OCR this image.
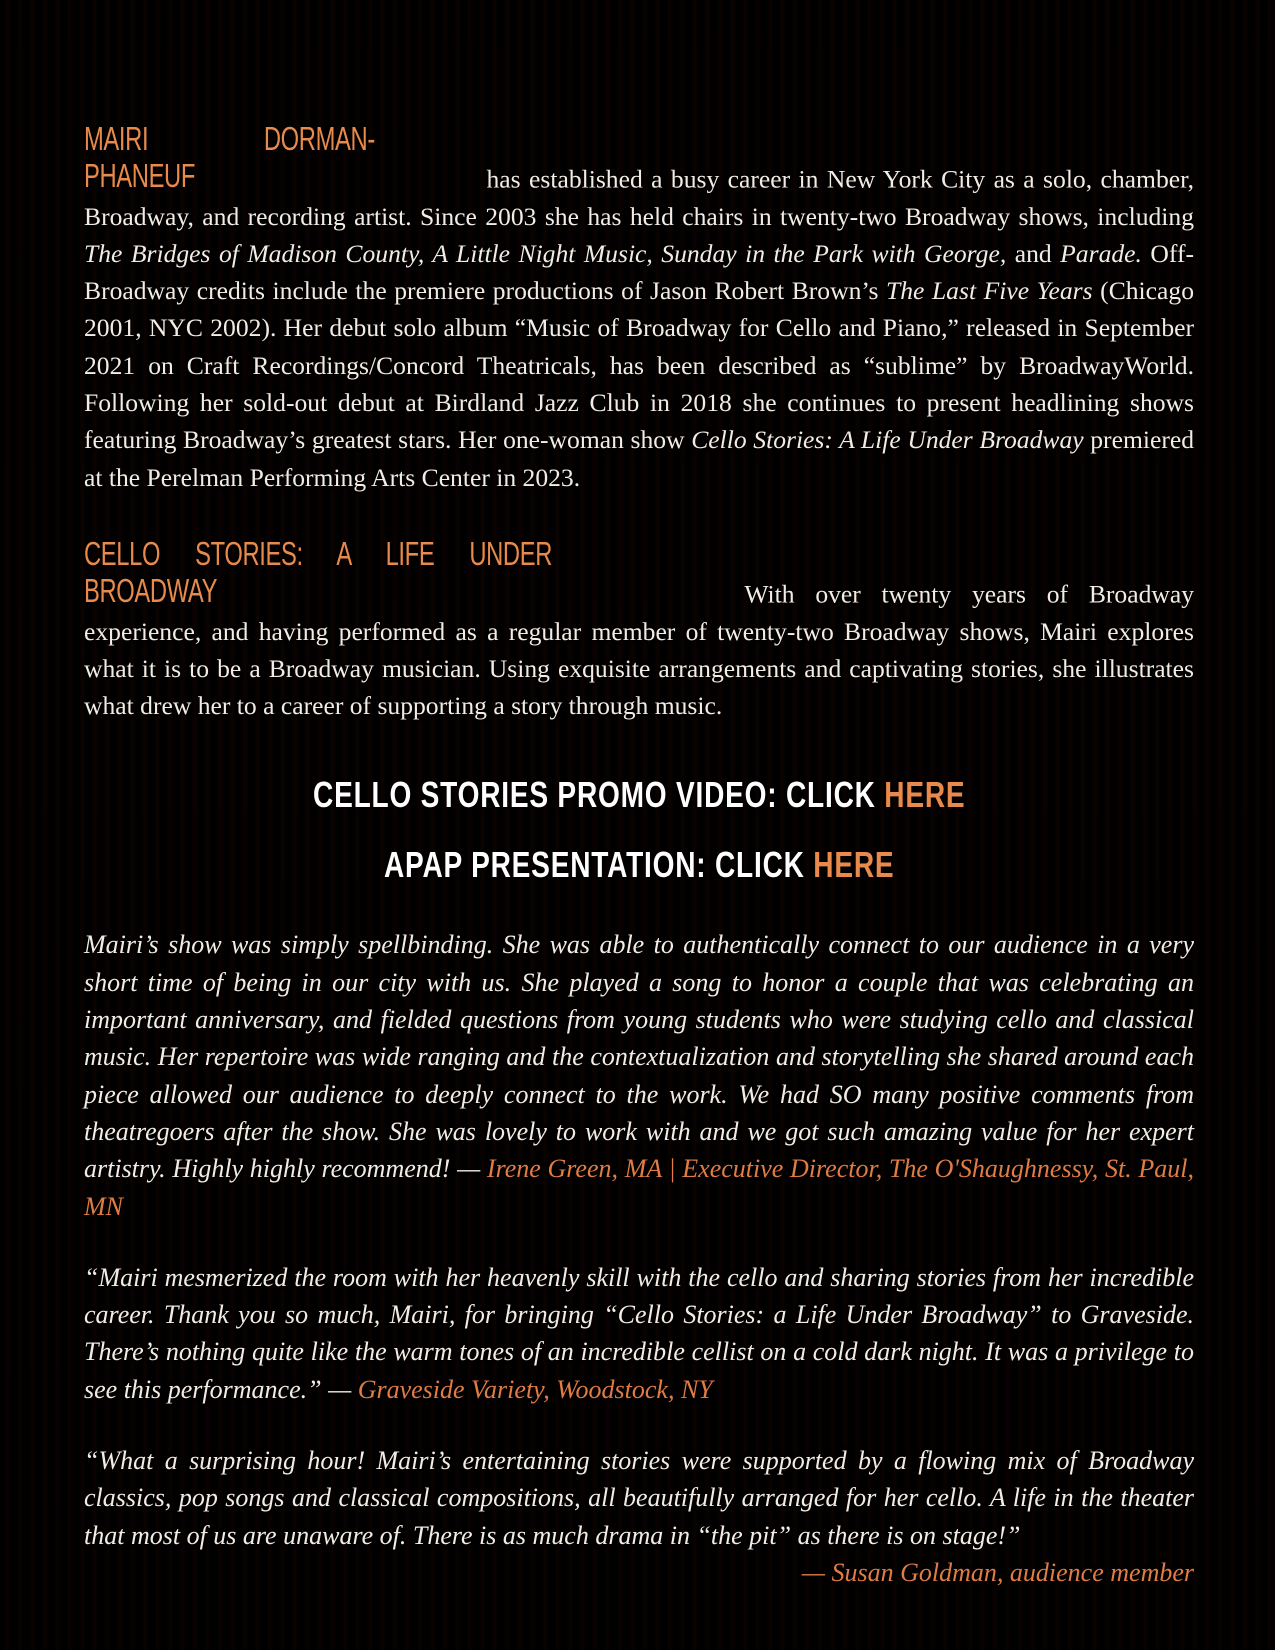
MAIRI DORMAN-PHANEUF	has established a busy career in New York City as a solo, chamber, Broadway, and recording artist. Since 2003 she has held chairs in twenty-two Broadway shows, including The Bridges of Madison County, A Little Night Music, Sunday in the Park with George, and Parade. Off-Broadway credits include the premiere productions of Jason Robert Brown’s The Last Five Years (Chicago 2001, NYC 2002). Her debut solo album “Music of Broadway for Cello and Piano,” released in September 2021 on Craft Recordings/Concord Theatricals, has been described as “sublime” by BroadwayWorld. Following her sold-out debut at Birdland Jazz Club in 2018 she continues to present headlining shows featuring Broadway’s greatest stars. Her one-woman show Cello Stories: A Life Under Broadway premiered at the Perelman Performing Arts Center in 2023.

CELLO STORIES: A LIFE UNDER BROADWAY	With over twenty years of Broadway experience, and having performed as a regular member of twenty-two Broadway shows, Mairi explores what it is to be a Broadway musician. Using exquisite arrangements and captivating stories, she illustrates what drew her to a career of supporting a story through music.

CELLO STORIES PROMO VIDEO: CLICK HERE

APAP PRESENTATION: CLICK HERE

Mairi’s show was simply spellbinding. She was able to authentically connect to our audience in a very short time of being in our city with us. She played a song to honor a couple that was celebrating an important anniversary, and fielded questions from young students who were studying cello and classical music. Her repertoire was wide ranging and the contextualization and storytelling she shared around each piece allowed our audience to deeply connect to the work. We had SO many positive comments from theatregoers after the show. She was lovely to work with and we got such amazing value for her expert artistry. Highly highly recommend! — Irene Green, MA | Executive Director, The O'Shaughnessy, St. Paul, MN

“Mairi mesmerized the room with her heavenly skill with the cello and sharing stories from her incredible career. Thank you so much, Mairi, for bringing “Cello Stories: a Life Under Broadway” to Graveside. There’s nothing quite like the warm tones of an incredible cellist on a cold dark night. It was a privilege to see this performance.” — Graveside Variety, Woodstock, NY

“What a surprising hour! Mairi’s entertaining stories were supported by a flowing mix of Broadway classics, pop songs and classical compositions, all beautifully arranged for her cello. A life in the theater that most of us are unaware of. There is as much drama in “the pit” as there is on stage!”

— Susan Goldman, audience member
